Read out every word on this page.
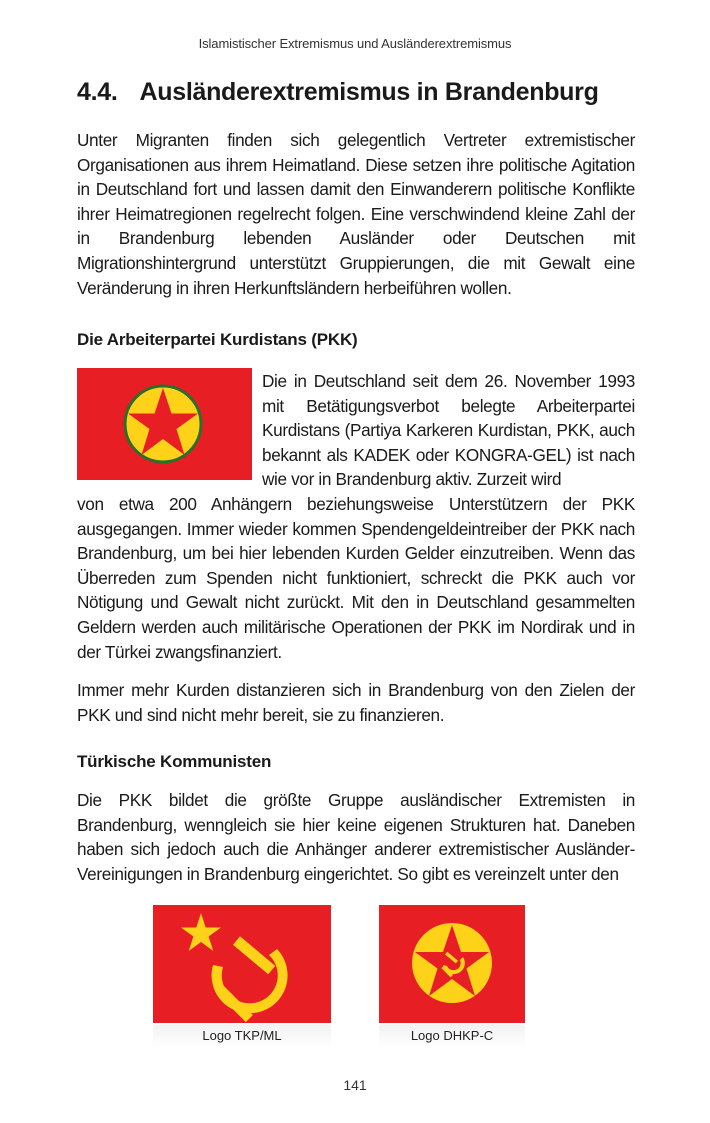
Islamistischer Extremismus und Ausländerextremismus
4.4. Ausländerextremismus in Brandenburg
Unter Migranten finden sich gelegentlich Vertreter extremistischer Organisationen aus ihrem Heimatland. Diese setzen ihre politische Agitation in Deutschland fort und lassen damit den Einwanderern politische Konflikte ihrer Heimatregionen regelrecht folgen. Eine verschwindend kleine Zahl der in Brandenburg lebenden Ausländer oder Deutschen mit Migrationshintergrund unterstützt Gruppierungen, die mit Gewalt eine Veränderung in ihren Herkunftsländern herbeiführen wollen.
Die Arbeiterpartei Kurdistans (PKK)
Die in Deutschland seit dem 26. November 1993 mit Betätigungsverbot belegte Arbeiterpartei Kurdistans (Partiya Karkeren Kurdistan, PKK, auch bekannt als KADEK oder KONGRA-GEL) ist nach wie vor in Brandenburg aktiv. Zurzeit wird
von etwa 200 Anhängern beziehungsweise Unterstützern der PKK ausgegangen. Immer wieder kommen Spendengeldeintreiber der PKK nach Brandenburg, um bei hier lebenden Kurden Gelder einzutreiben. Wenn das Überreden zum Spenden nicht funktioniert, schreckt die PKK auch vor Nötigung und Gewalt nicht zurückt. Mit den in Deutschland gesammelten Geldern werden auch militärische Operationen der PKK im Nordirak und in der Türkei zwangsfinanziert.
Immer mehr Kurden distanzieren sich in Brandenburg von den Zielen der PKK und sind nicht mehr bereit, sie zu finanzieren.
Türkische Kommunisten
Die PKK bildet die größte Gruppe ausländischer Extremisten in Brandenburg, wenngleich sie hier keine eigenen Strukturen hat. Daneben haben sich jedoch auch die Anhänger anderer extremistischer Ausländer-Vereinigungen in Brandenburg eingerichtet. So gibt es vereinzelt unter den
Logo TKP/ML	Logo DHKP-C
141
